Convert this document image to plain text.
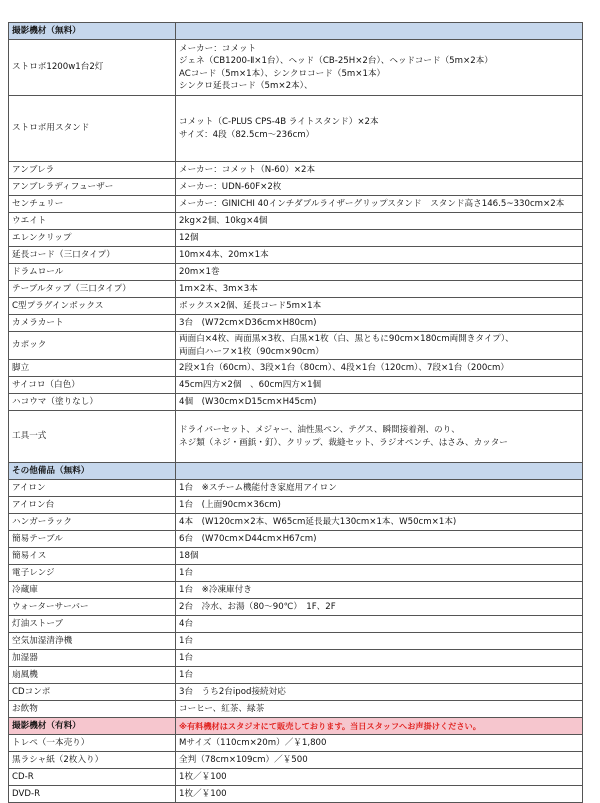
撮影機材（無料）	
ストロボ1200w1台2灯	メーカー：コメット
ジェネ（CB1200-Ⅱ×1台）、ヘッド（CB-25H×2台）、ヘッドコード（5m×2本）
ACコード（5m×1本）、シンクロコード（5m×1本）
シンクロ延長コード（5m×2本）、

ストロボ用スタンド	コメット（C-PLUS CPS-4B ライトスタンド）×2本
サイズ：4段（82.5cm～236cm）

アンブレラ	メーカー：コメット（N-60）×2本

アンブレラディフューザー	メーカー：UDN-60F×2枚

センチュリー	メーカー：GINICHI 40インチダブルライザーグリップスタンド　スタンド高さ146.5~330cm×2本

ウエイト	2kg×2個、10kg×4個

エレンクリップ	12個

延長コード（三口タイプ）	10m×4本、20m×1本

ドラムロール	20m×1巻

テーブルタップ（三口タイプ）	1m×2本、3m×3本

C型プラグインボックス	ボックス×2個、延長コード5m×1本

カメラカート	3台　(W72cm×D36cm×H80cm)

カポック	両面白×4枚、両面黒×3枚、白黒×1枚（白、黒ともに90cm×180cm両開きタイプ）、
両面白ハーフ×1枚（90cm×90cm）

脚立	2段×1台（60cm）、3段×1台（80cm）、4段×1台（120cm）、7段×1台（200cm）

サイコロ（白色）	45cm四方×2個　、60cm四方×1個

ハコウマ（塗りなし）	4個　(W30cm×D15cm×H45cm)

工具一式	ドライバーセット、メジャー、油性黒ペン、テグス、瞬間接着剤、のり、
ネジ類（ネジ・画鋲・釘）、クリップ、裁縫セット、ラジオペンチ、はさみ、カッター

その他備品（無料）	
アイロン	1台　※スチーム機能付き家庭用アイロン

アイロン台	1台　(上面90cm×36cm)

ハンガーラック	4本　(W120cm×2本、W65cm延長最大130cm×1本、W50cm×1本)

簡易テーブル	6台　(W70cm×D44cm×H67cm)

簡易イス	18個

電子レンジ	1台

冷蔵庫	1台　※冷凍庫付き

ウォーターサーバー	2台　冷水、お湯（80～90℃）　1F、2F

灯油ストーブ	4台

空気加湿清浄機	1台

加湿器	1台

扇風機	1台

CDコンポ	3台　うち2台ipod接続対応

お飲物	コーヒー、紅茶、緑茶

撮影機材（有料）	※有料機材はスタジオにて販売しております。当日スタッフへお声掛けください。

トレペ（一本売り）	Mサイズ（110cm×20m）／￥1,800

黒ラシャ紙（2枚入り）	全判（78cm×109cm）／￥500

CD-R	1枚／￥100

DVD-R	1枚／￥100
